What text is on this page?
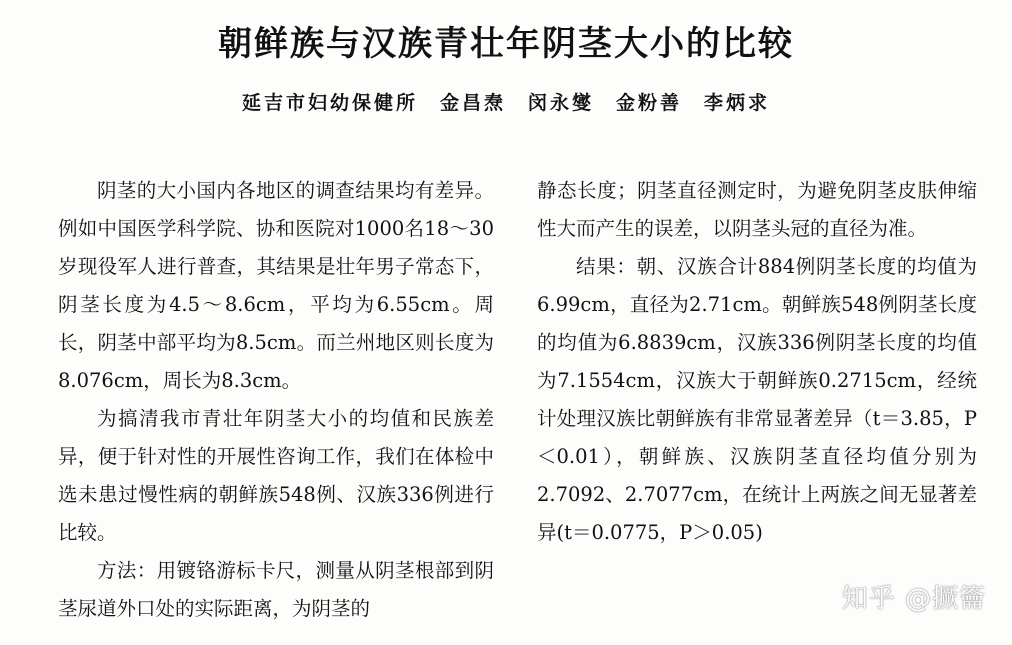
朝鲜族与汉族青壮年阴茎大小的比较
延吉市妇幼保健所　金昌焘　闵永燮　金粉善　李炳求

阴茎的大小国内各地区的调查结果均有差异。例如中国医学科学院、协和医院对1000名18～30岁现役军人进行普查，其结果是壮年男子常态下，阴茎长度为4.5～8.6cm，平均为6.55cm。周长，阴茎中部平均为8.5cm。而兰州地区则长度为8.076cm，周长为8.3cm。

为搞清我市青壮年阴茎大小的均值和民族差异，便于针对性的开展性咨询工作，我们在体检中选未患过慢性病的朝鲜族548例、汉族336例进行比较。

方法：用镀铬游标卡尺，测量从阴茎根部到阴茎尿道外口处的实际距离，为阴茎的

静态长度；阴茎直径测定时，为避免阴茎皮肤伸缩性大而产生的误差，以阴茎头冠的直径为准。

结果：朝、汉族合计884例阴茎长度的均值为6.99cm，直径为2.71cm。朝鲜族548例阴茎长度的均值为6.8839cm，汉族336例阴茎长度的均值为7.1554cm，汉族大于朝鲜族0.2715cm，经统计处理汉族比朝鲜族有非常显著差异（t＝3.85，P＜0.01），朝鲜族、汉族阴茎直径均值分别为2.7092、2.7077cm，在统计上两族之间无显著差异(t＝0.0775，P＞0.05)

知乎 @撅籥
